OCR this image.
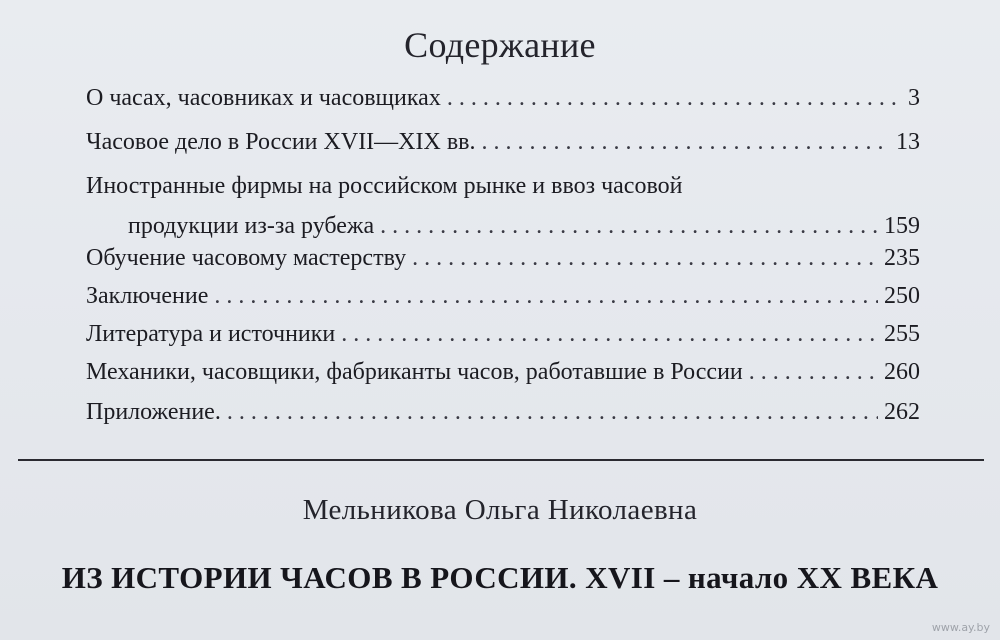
Содержание
О часах, часовниках и часовщиках . . .	3
Часовое дело в России XVII—XIX вв. . . .	13
Иностранные фирмы на российском рынке и ввоз часовой
продукции из-за рубежа . . .	159
Обучение часовому мастерству . . .	235
Заключение . . .	250
Литература и источники . . .	255
Механики, часовщики, фабриканты часов, работавшие в России . . .	260
Приложение. . . .	262
Мельникова Ольга Николаевна
ИЗ ИСТОРИИ ЧАСОВ В РОССИИ. XVII – начало XX ВЕКА
www.ay.by
